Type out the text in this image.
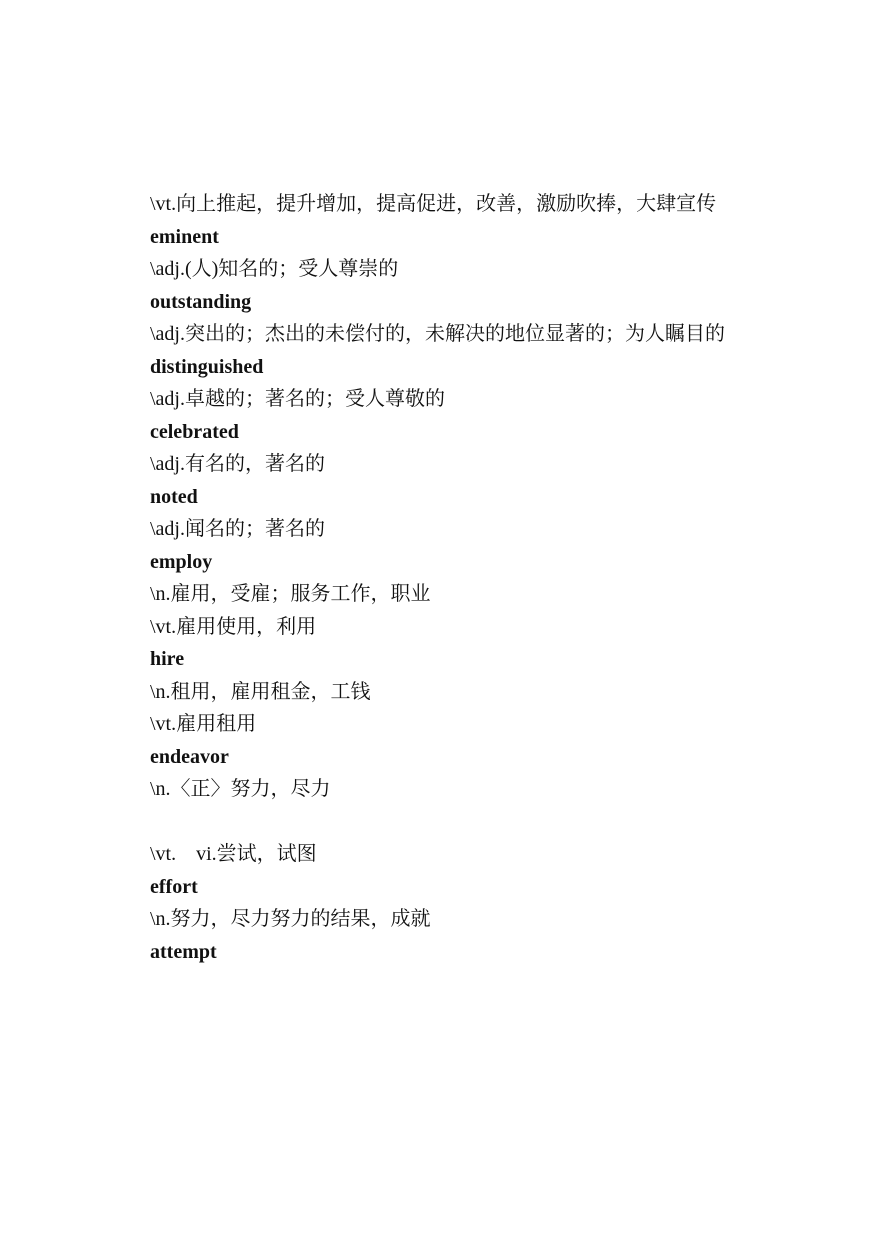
\vt.向上推起，提升增加，提高促进，改善，激励吹捧，大肆宣传
eminent
\adj.(人)知名的；受人尊崇的
outstanding
\adj.突出的；杰出的未偿付的，未解决的地位显著的；为人瞩目的
distinguished
\adj.卓越的；著名的；受人尊敬的
celebrated
\adj.有名的，著名的
noted
\adj.闻名的；著名的
employ
\n.雇用，受雇；服务工作，职业
\vt.雇用使用，利用
hire
\n.租用，雇用租金，工钱
\vt.雇用租用
endeavor
\n.〈正〉努力，尽力
\vt.　vi.尝试，试图
effort
\n.努力，尽力努力的结果，成就
attempt
